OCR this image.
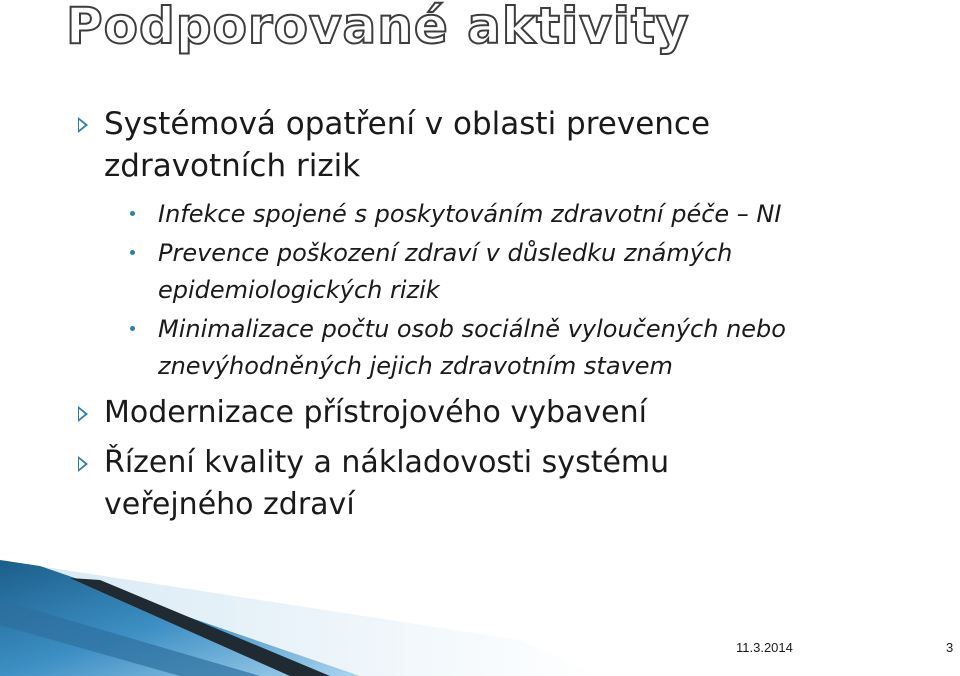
Podporované aktivity

Systémová opatření v oblasti prevence
zdravotních rizik

Infekce spojené s poskytováním zdravotní péče – NI

Prevence poškození zdraví v důsledku známých
epidemiologických rizik

Minimalizace počtu osob sociálně vyloučených nebo
znevýhodněných jejich zdravotním stavem

Modernizace přístrojového vybavení

Řízení kvality a nákladovosti systému
veřejného zdraví

11.3.2014	3
